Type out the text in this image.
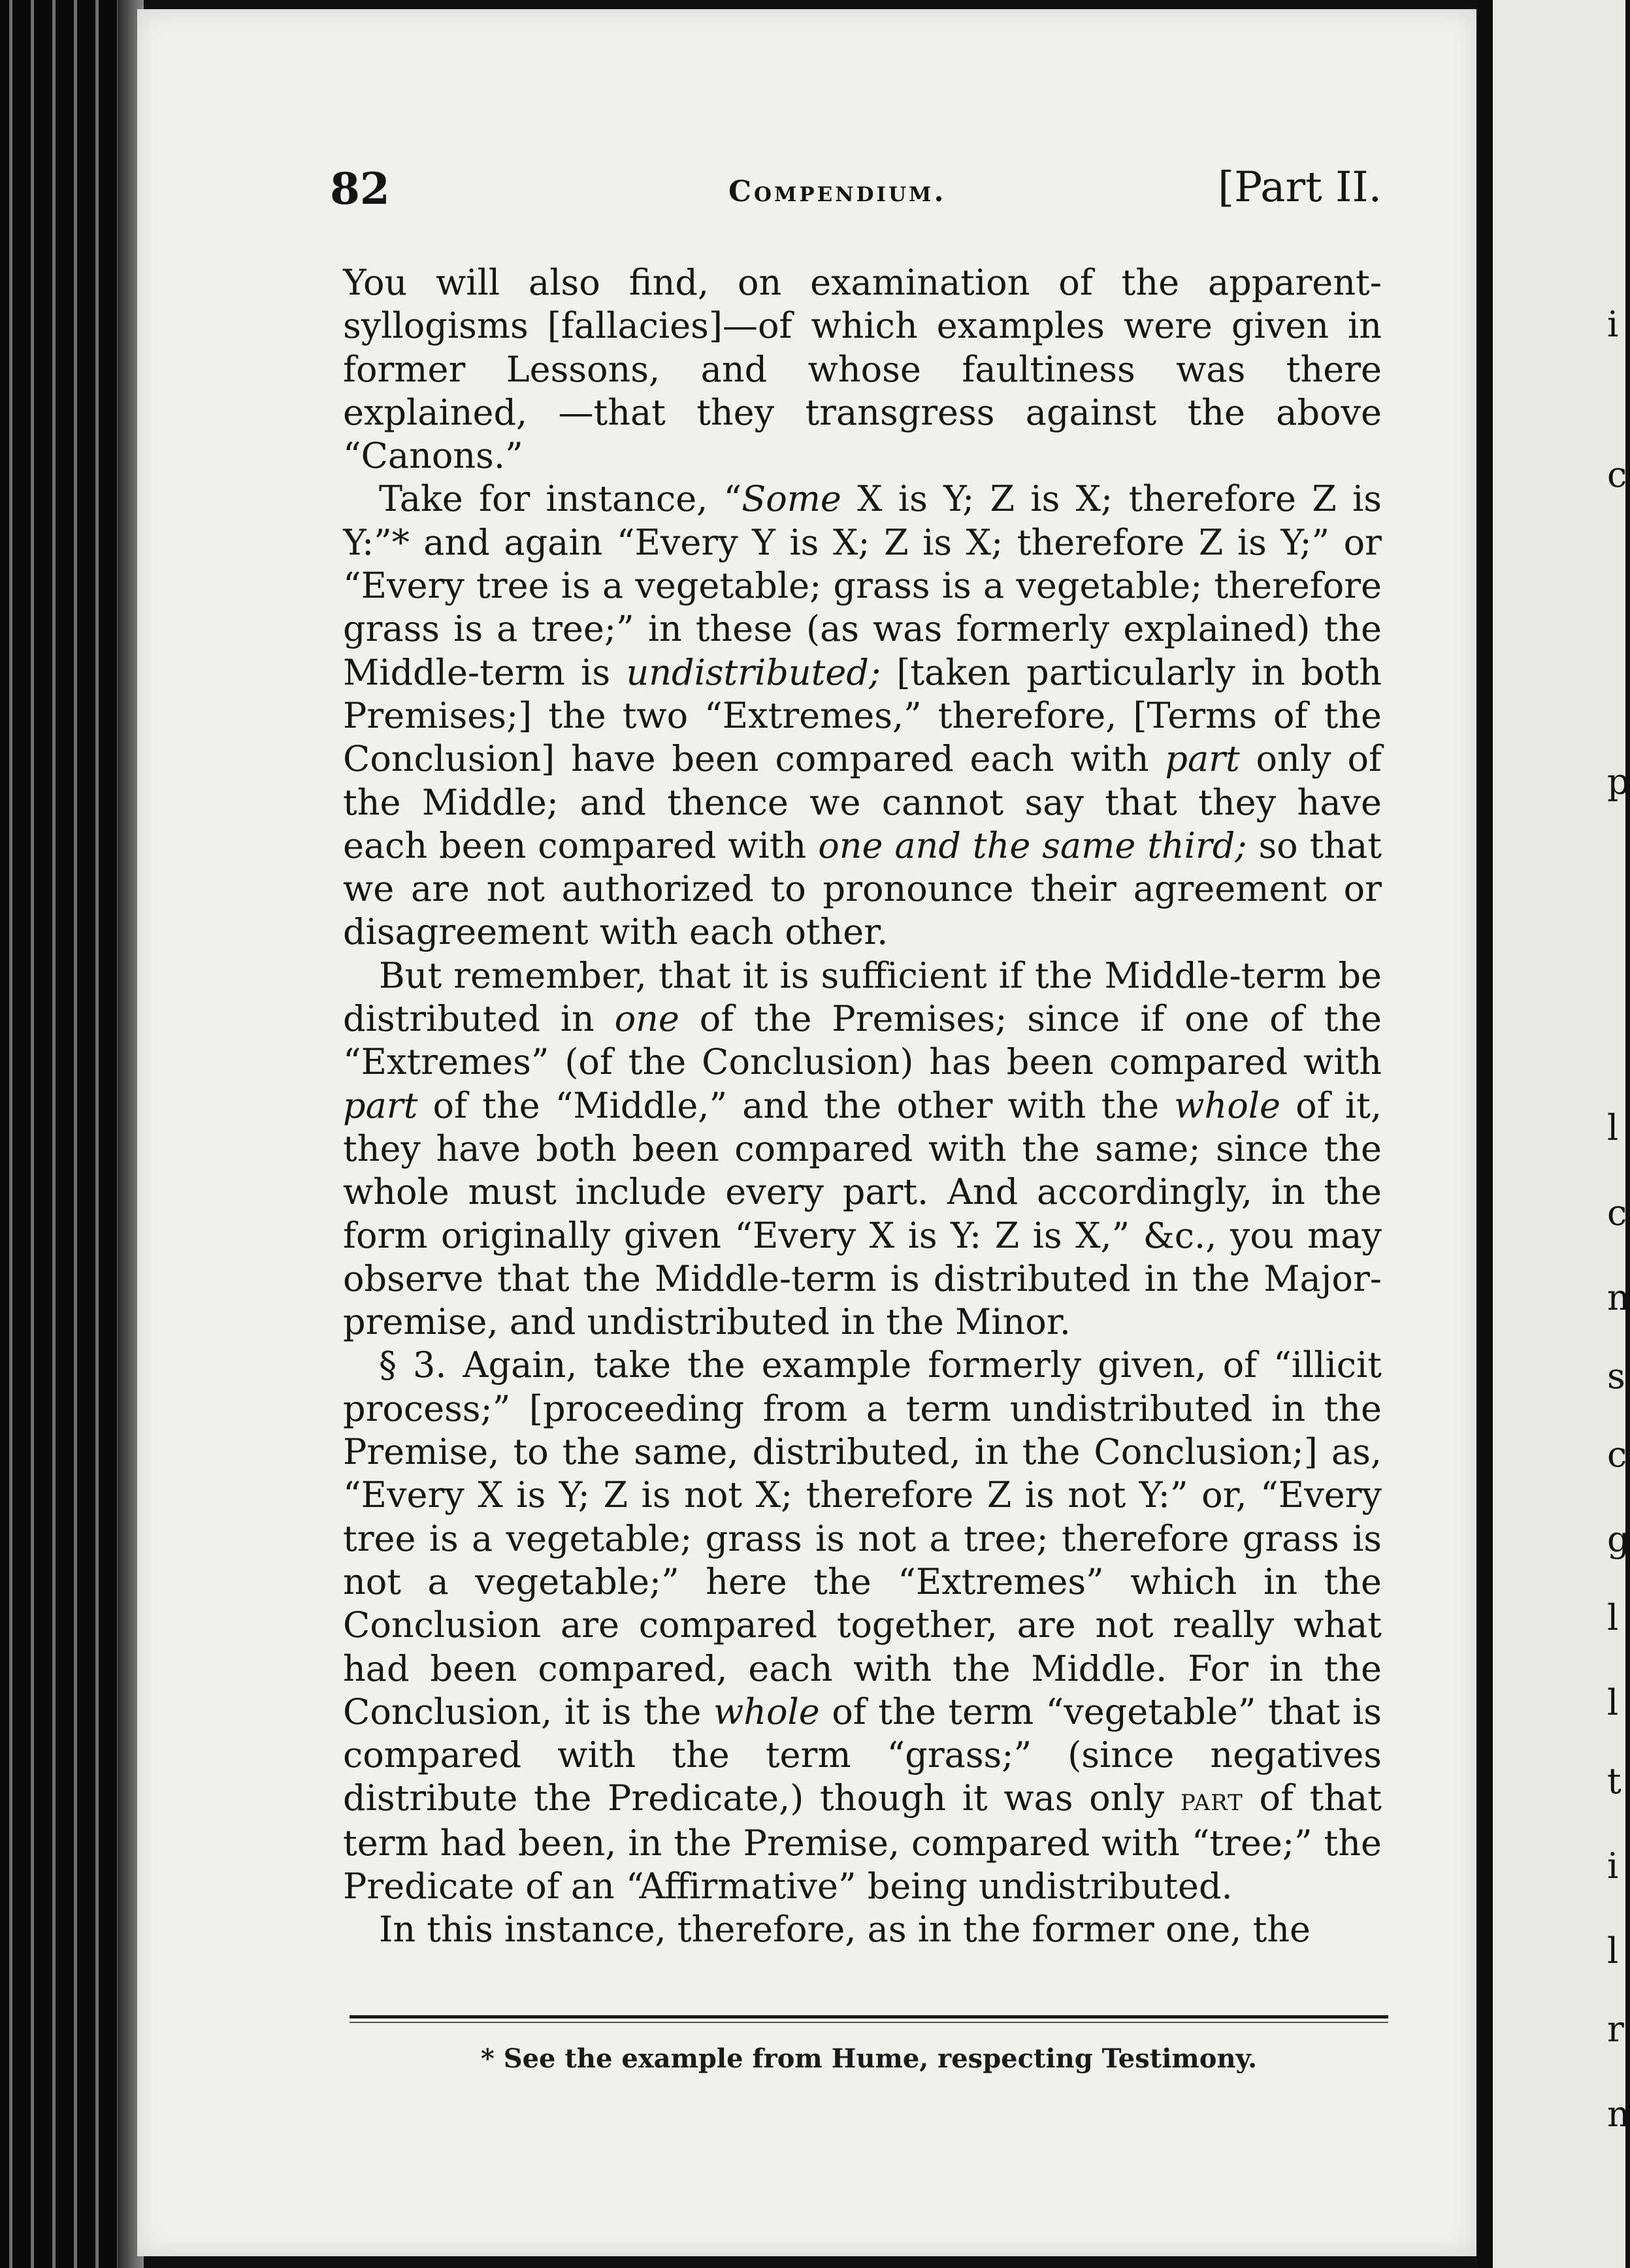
i
c
p
l
c
n
s
c
g
l
l
t
i
l
r
n
82	Compendium.	[Part II.

You will also find, on examination of the apparent-syllogisms [fallacies]—of which examples were given in former Lessons, and whose faultiness was there explained, —that they transgress against the above “Canons.”

Take for instance, “Some X is Y; Z is X; therefore Z is Y:”* and again “Every Y is X; Z is X; therefore Z is Y;” or “Every tree is a vegetable; grass is a vegetable; therefore grass is a tree;” in these (as was formerly explained) the Middle-term is undistributed; [taken particularly in both Premises;] the two “Extremes,” therefore, [Terms of the Conclusion] have been compared each with part only of the Middle; and thence we cannot say that they have each been compared with one and the same third; so that we are not authorized to pronounce their agreement or disagreement with each other.

But remember, that it is sufficient if the Middle-term be distributed in one of the Premises; since if one of the “Extremes” (of the Conclusion) has been compared with part of the “Middle,” and the other with the whole of it, they have both been compared with the same; since the whole must include every part. And accordingly, in the form originally given “Every X is Y: Z is X,” &c., you may observe that the Middle-term is distributed in the Major-premise, and undistributed in the Minor.

§ 3. Again, take the example formerly given, of “illicit process;” [proceeding from a term undistributed in the Premise, to the same, distributed, in the Conclusion;] as, “Every X is Y; Z is not X; therefore Z is not Y:” or, “Every tree is a vegetable; grass is not a tree; therefore grass is not a vegetable;” here the “Extremes” which in the Conclusion are compared together, are not really what had been compared, each with the Middle. For in the Conclusion, it is the whole of the term “vegetable” that is compared with the term “grass;” (since negatives distribute the Predicate,) though it was only part of that term had been, in the Premise, compared with “tree;” the Predicate of an “Affirmative” being undistributed.

In this instance, therefore, as in the former one, the

* See the example from Hume, respecting Testimony.
